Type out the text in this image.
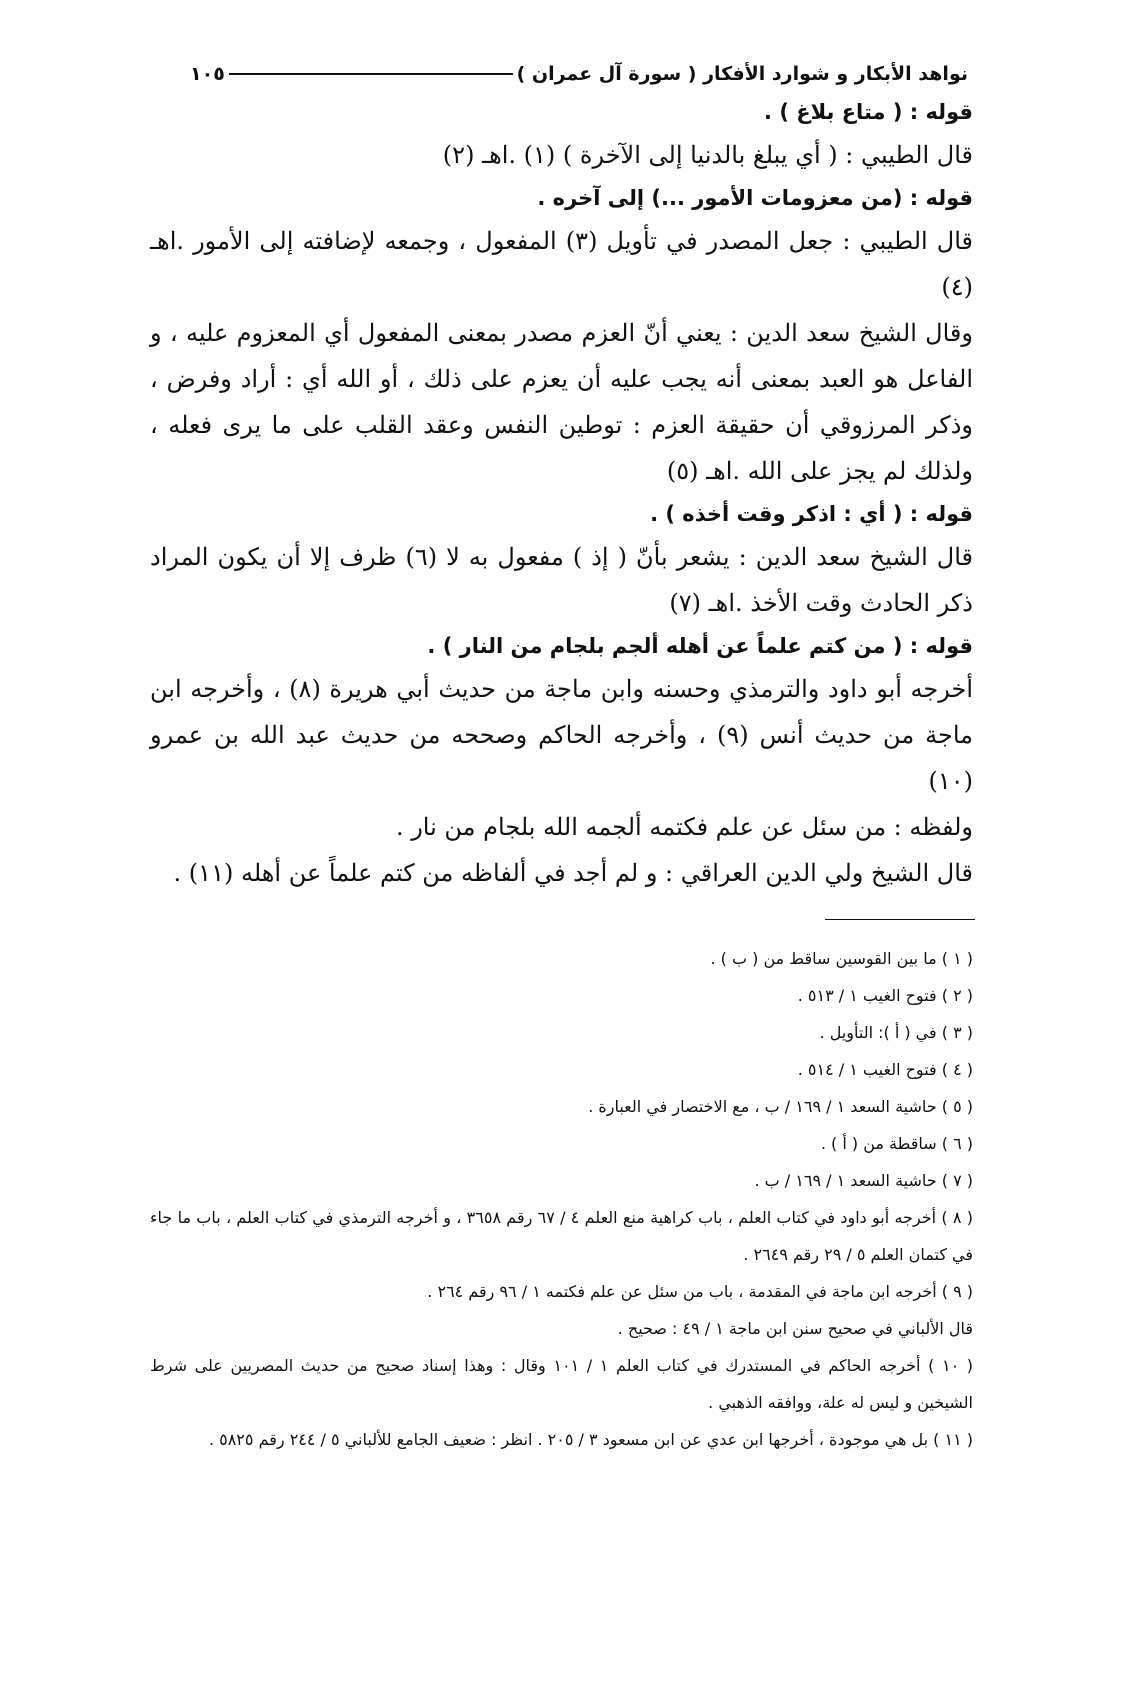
نواهد الأبكار و شوارد الأفكار ( سورة آل عمران )
١٠٥

قوله : ( متاع بلاغ ) .

قال الطيبي : ( أي يبلغ بالدنيا إلى الآخرة ) (١) .اهـ (٢)

قوله : (من معزومات الأمور ...) إلى آخره .

قال الطيبي : جعل المصدر في تأويل (٣) المفعول ، وجمعه لإضافته إلى الأمور .اهـ (٤)

وقال الشيخ سعد الدين : يعني أنّ العزم مصدر بمعنى المفعول أي المعزوم عليه ، و الفاعل هو العبد بمعنى أنه يجب عليه أن يعزم على ذلك ، أو الله أي : أراد وفرض ، وذكر المرزوقي أن حقيقة العزم : توطين النفس وعقد القلب على ما يرى فعله ، ولذلك لم يجز على الله .اهـ (٥)

قوله : ( أي : اذكر وقت أخذه ) .

قال الشيخ سعد الدين : يشعر بأنّ ( إذ ) مفعول به لا (٦) ظرف إلا أن يكون المراد ذكر الحادث وقت الأخذ .اهـ (٧)

قوله : ( من كتم علماً عن أهله ألجم بلجام من النار ) .

أخرجه أبو داود والترمذي وحسنه وابن ماجة من حديث أبي هريرة (٨) ، وأخرجه ابن ماجة من حديث أنس (٩) ، وأخرجه الحاكم وصححه من حديث عبد الله بن عمرو (١٠)

ولفظه : من سئل عن علم فكتمه ألجمه الله بلجام من نار .

قال الشيخ ولي الدين العراقي : و لم أجد في ألفاظه من كتم علماً عن أهله (١١) .

( ١ ) ما بين القوسين ساقط من ( ب ) .

( ٢ ) فتوح الغيب ١ / ٥١٣ .

( ٣ ) في ( أ ): التأويل .

( ٤ ) فتوح الغيب ١ / ٥١٤ .

( ٥ ) حاشية السعد ١ / ١٦٩ / ب ، مع الاختصار في العبارة .

( ٦ ) ساقطة من ( أ ) .

( ٧ ) حاشية السعد ١ / ١٦٩ / ب .

( ٨ ) أخرجه أبو داود في كتاب العلم ، باب كراهية منع العلم ٤ / ٦٧ رقم ٣٦٥٨ ، و أخرجه الترمذي في كتاب العلم ، باب ما جاء في كتمان العلم ٥ / ٢٩ رقم ٢٦٤٩ .

( ٩ ) أخرجه ابن ماجة في المقدمة ، باب من سئل عن علم فكتمه ١ / ٩٦ رقم ٢٦٤ .

قال الألباني في صحيح سنن ابن ماجة ١ / ٤٩ : صحيح .

( ١٠ ) أخرجه الحاكم في المستدرك في كتاب العلم ١ / ١٠١ وقال : وهذا إسناد صحيح من حديث المصريين على شرط الشيخين و ليس له علة، ووافقه الذهبي .

( ١١ ) بل هي موجودة ، أخرجها ابن عدي عن ابن مسعود ٣ / ٢٠٥ . انظر : ضعيف الجامع للألباني ٥ / ٢٤٤ رقم ٥٨٢٥ .
